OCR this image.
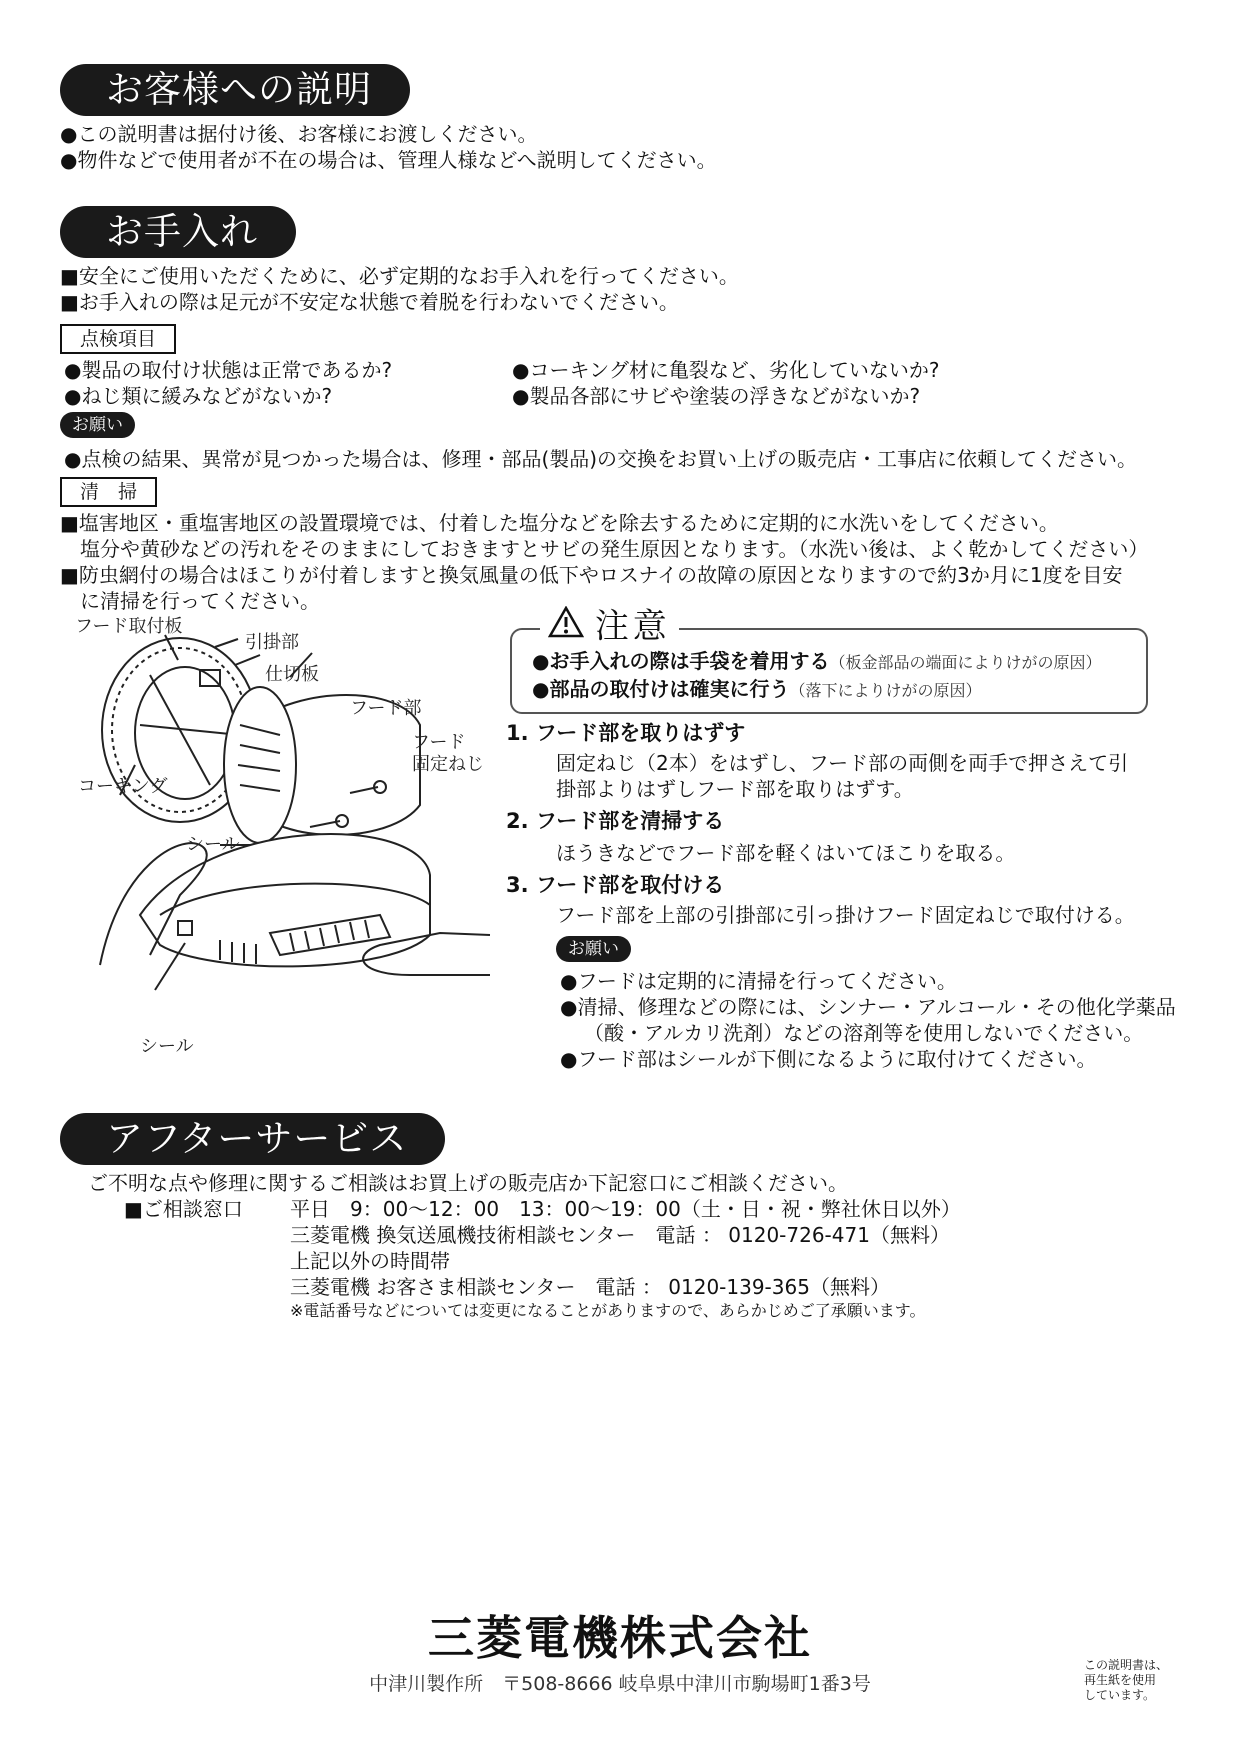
お客様への説明
●この説明書は据付け後、お客様にお渡しください。
●物件などで使用者が不在の場合は、管理人様などへ説明してください。
お手入れ
■安全にご使用いただくために、必ず定期的なお手入れを行ってください。
■お手入れの際は足元が不安定な状態で着脱を行わないでください。
点検項目
●製品の取付け状態は正常であるか?	●コーキング材に亀裂など、劣化していないか?
●ねじ類に緩みなどがないか?	●製品各部にサビや塗装の浮きなどがないか?
お願い
●点検の結果、異常が見つかった場合は、修理・部品(製品)の交換をお買い上げの販売店・工事店に依頼してください。
清　掃
■塩害地区・重塩害地区の設置環境では、付着した塩分などを除去するために定期的に水洗いをしてください。
塩分や黄砂などの汚れをそのままにしておきますとサビの発生原因となります。（水洗い後は、よく乾かしてください）
■防虫網付の場合はほこりが付着しますと換気風量の低下やロスナイの故障の原因となりますので約3か月に1度を目安
に清掃を行ってください。
フード取付板
引掛部
仕切板
フード部
フード
固定ねじ
コーキング
シール
シール
注意
●お手入れの際は手袋を着用する（板金部品の端面によりけがの原因）
●部品の取付けは確実に行う（落下によりけがの原因）
1. フード部を取りはずす
固定ねじ（2本）をはずし、フード部の両側を両手で押さえて引
掛部よりはずしフード部を取りはずす。
2. フード部を清掃する
ほうきなどでフード部を軽くはいてほこりを取る。
3. フード部を取付ける
フード部を上部の引掛部に引っ掛けフード固定ねじで取付ける。
お願い
●フードは定期的に清掃を行ってください。
●清掃、修理などの際には、シンナー・アルコール・その他化学薬品
（酸・アルカリ洗剤）などの溶剤等を使用しないでください。
●フード部はシールが下側になるように取付けてください。
アフターサービス
ご不明な点や修理に関するご相談はお買上げの販売店か下記窓口にご相談ください。
■ご相談窓口 平日　9：00〜12：00　13：00〜19：00（土・日・祝・弊社休日以外）
三菱電機 換気送風機技術相談センター　電話 ： 0120-726-471（無料）
上記以外の時間帯
三菱電機 お客さま相談センター　電話 ： 0120-139-365（無料）
※電話番号などについては変更になることがありますので、あらかじめご了承願います。
三菱電機株式会社
中津川製作所　〒508-8666 岐阜県中津川市駒場町1番3号
この説明書は、
再生紙を使用
しています。
